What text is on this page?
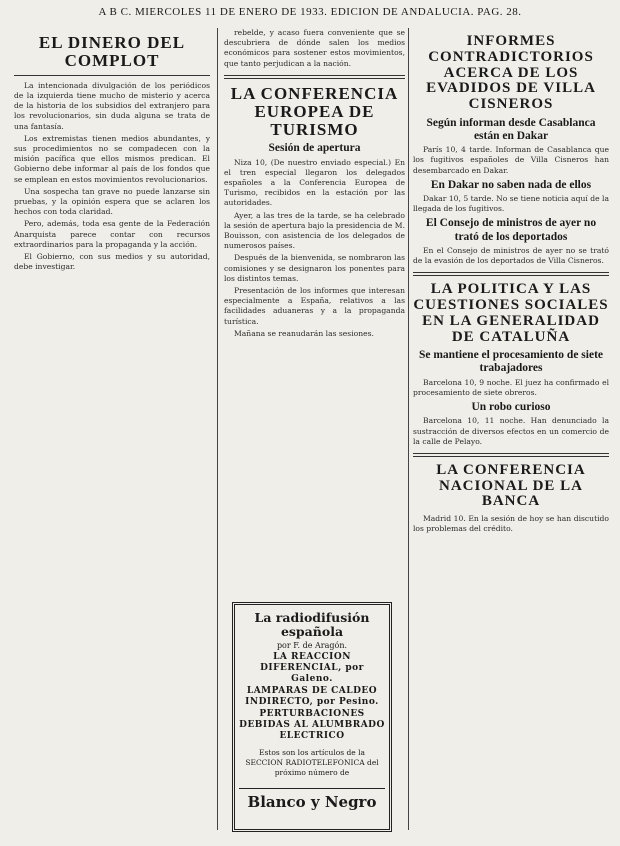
A B C. MIERCOLES 11 DE ENERO DE 1933. EDICION DE ANDALUCIA. PAG. 28.
EL DINERO DEL COMPLOT

La intencionada divulgación de los periódicos de la izquierda tiene mucho de misterio y acerca de la historia de los subsidios del extranjero para los revolucionarios, sin duda alguna se trata de una fantasía.

Los extremistas tienen medios abundantes, y sus procedimientos no se compadecen con la misión pacífica que ellos mismos predican. El Gobierno debe informar al país de los fondos que se emplean en estos movimientos revolucionarios.

Una sospecha tan grave no puede lanzarse sin pruebas, y la opinión espera que se aclaren los hechos con toda claridad.

Pero, además, toda esa gente de la Federación Anarquista parece contar con recursos extraordinarios para la propaganda y la acción.

El Gobierno, con sus medios y su autoridad, debe investigar.

rebelde, y acaso fuera conveniente que se descubriera de dónde salen los medios económicos para sostener estos movimientos, que tanto perjudican a la nación.

LA CONFERENCIA EUROPEA DE TURISMO
Sesión de apertura

Niza 10, (De nuestro enviado especial.) En el tren especial llegaron los delegados españoles a la Conferencia Europea de Turismo, recibidos en la estación por las autoridades.

Ayer, a las tres de la tarde, se ha celebrado la sesión de apertura bajo la presidencia de M. Bouisson, con asistencia de los delegados de numerosos países.

Después de la bienvenida, se nombraron las comisiones y se designaron los ponentes para los distintos temas.

Presentación de los informes que interesan especialmente a España, relativos a las facilidades aduaneras y a la propaganda turística.

Mañana se reanudarán las sesiones.

La radiodifusión española
por F. de Aragón.
LA REACCION DIFERENCIAL, por Galeno.
LAMPARAS DE CALDEO INDIRECTO, por Pesino.
PERTURBACIONES DEBIDAS AL ALUMBRADO ELECTRICO
Estos son los artículos de la SECCION RADIOTELEFONICA del próximo número de
Blanco y Negro
INFORMES CONTRADICTORIOS ACERCA DE LOS EVADIDOS DE VILLA CISNEROS
Según informan desde Casablanca están en Dakar

París 10, 4 tarde. Informan de Casablanca que los fugitivos españoles de Villa Cisneros han desembarcado en Dakar.

En Dakar no saben nada de ellos

Dakar 10, 5 tarde. No se tiene noticia aquí de la llegada de los fugitivos.

El Consejo de ministros de ayer no trató de los deportados

En el Consejo de ministros de ayer no se trató de la evasión de los deportados de Villa Cisneros.

LA POLITICA Y LAS CUESTIONES SOCIALES EN LA GENERALIDAD DE CATALUÑA
Se mantiene el procesamiento de siete trabajadores

Barcelona 10, 9 noche. El juez ha confirmado el procesamiento de siete obreros.

Un robo curioso

Barcelona 10, 11 noche. Han denunciado la sustracción de diversos efectos en un comercio de la calle de Pelayo.

LA CONFERENCIA NACIONAL DE LA BANCA

Madrid 10. En la sesión de hoy se han discutido los problemas del crédito.
